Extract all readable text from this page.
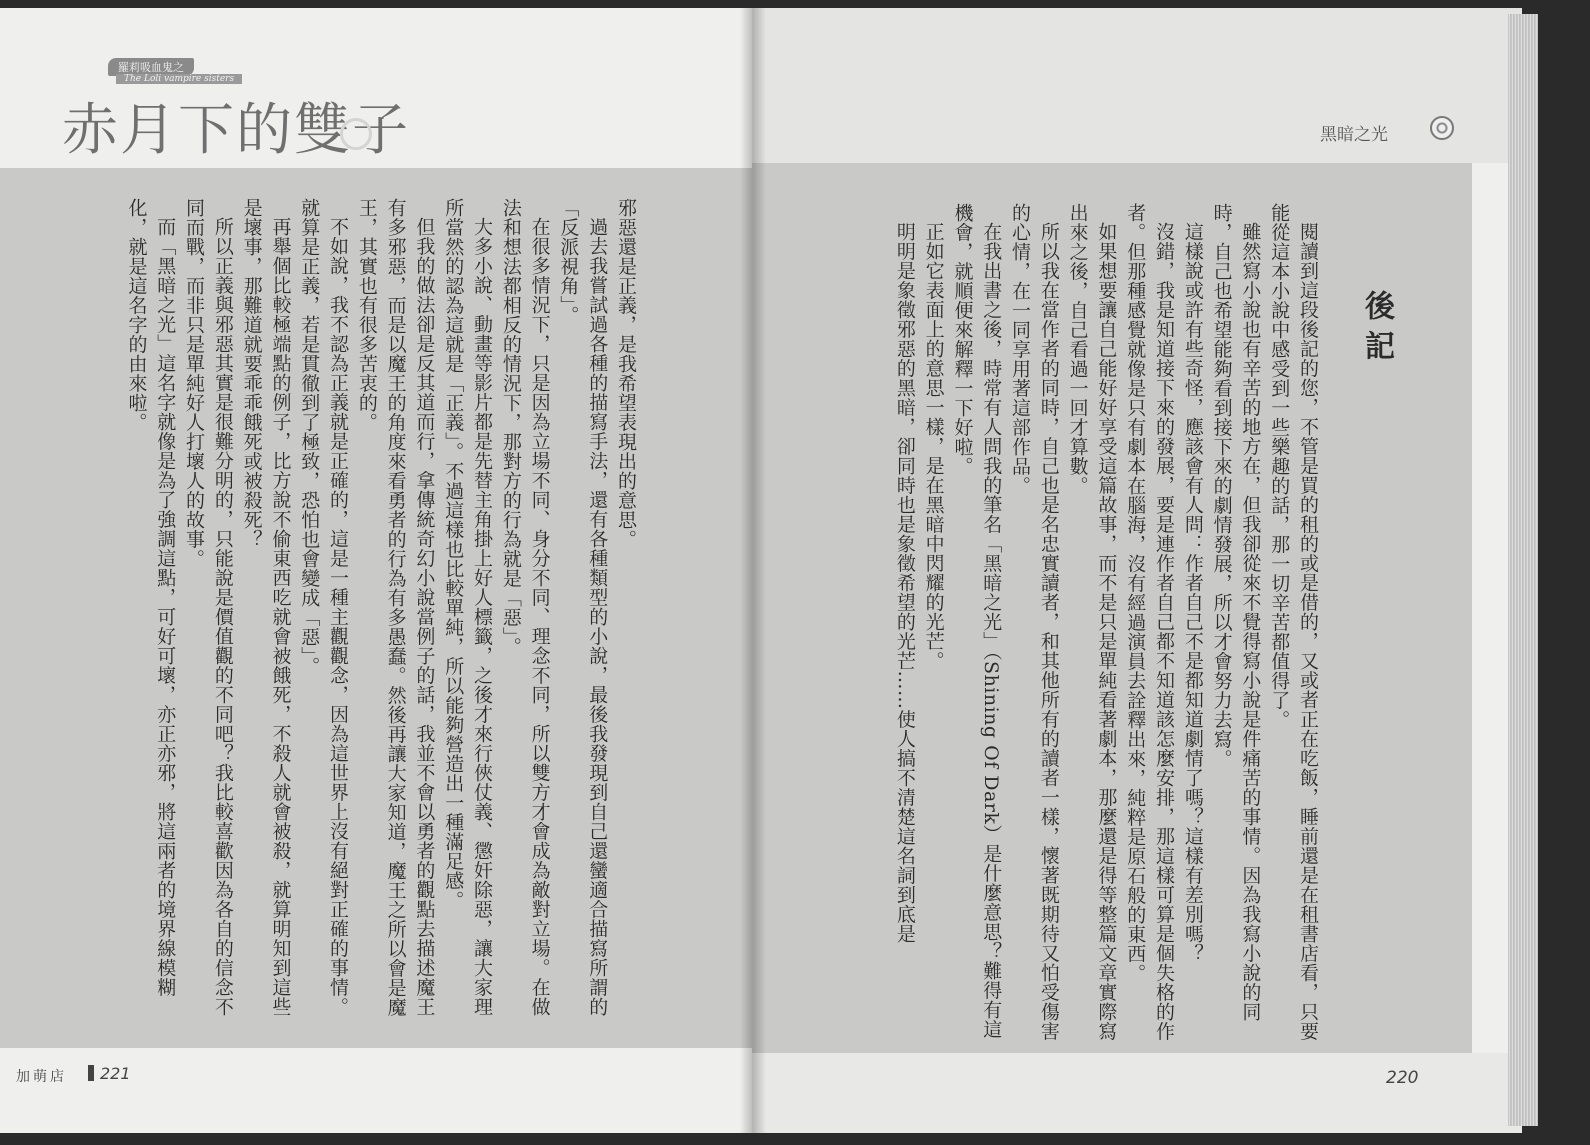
羅莉吸血鬼之
The Loli vampire sisters
赤月下的雙子

邪惡還是正義，是我希望表現出的意思。

過去我嘗試過各種的描寫手法，還有各種類型的小說，最後我發現到自己還蠻適合描寫所謂的「反派視角」。

在很多情況下，只是因為立場不同、身分不同、理念不同，所以雙方才會成為敵對立場。在做法和想法都相反的情況下，那對方的行為就是「惡」。

大多小說、動畫等影片都是先替主角掛上好人標籤，之後才來行俠仗義、懲奸除惡，讓大家理所當然的認為這就是「正義」。不過這樣也比較單純，所以能夠營造出一種滿足感。

但我的做法卻是反其道而行，拿傳統奇幻小說當例子的話，我並不會以勇者的觀點去描述魔王有多邪惡，而是以魔王的角度來看勇者的行為有多愚蠢。然後再讓大家知道，魔王之所以會是魔王，其實也有很多苦衷的。

不如說，我不認為正義就是正確的，這是一種主觀觀念，因為這世界上沒有絕對正確的事情。就算是正義，若是貫徹到了極致，恐怕也會變成「惡」。

再舉個比較極端點的例子，比方說不偷東西吃就會被餓死，不殺人就會被殺，就算明知到這些是壞事，那難道就要乖乖餓死或被殺死？

所以正義與邪惡其實是很難分明的，只能說是價值觀的不同吧？我比較喜歡因為各自的信念不同而戰，而非只是單純好人打壞人的故事。

而「黑暗之光」這名字就像是為了強調這點，可好可壞，亦正亦邪，將這兩者的境界線模糊化，就是這名字的由來啦。

加萌店 221
黑暗之光
後記

閱讀到這段後記的您，不管是買的租的或是借的，又或者正在吃飯，睡前還是在租書店看，只要能從這本小說中感受到一些樂趣的話，那一切辛苦都值得了。

雖然寫小說也有辛苦的地方在，但我卻從來不覺得寫小說是件痛苦的事情。因為我寫小說的同時，自己也希望能夠看到接下來的劇情發展，所以才會努力去寫。

這樣說或許有些奇怪，應該會有人問：作者自己不是都知道劇情了嗎？這樣有差別嗎？

沒錯，我是知道接下來的發展，要是連作者自己都不知道該怎麼安排，那這樣可算是個失格的作者。但那種感覺就像是只有劇本在腦海，沒有經過演員去詮釋出來，純粹是原石般的東西。

如果想要讓自己能好好享受這篇故事，而不是只是單純看著劇本，那麼還是得等整篇文章實際寫出來之後，自己看過一回才算數。

所以我在當作者的同時，自己也是名忠實讀者，和其他所有的讀者一樣，懷著既期待又怕受傷害的心情，在一同享用著這部作品。

在我出書之後，時常有人問我的筆名「黑暗之光」（Shining Of Dark）是什麼意思？難得有這機會，就順便來解釋一下好啦。

正如它表面上的意思一樣，是在黑暗中閃耀的光芒。

明明是象徵邪惡的黑暗，卻同時也是象徵希望的光芒……使人搞不清楚這名詞到底是

220
